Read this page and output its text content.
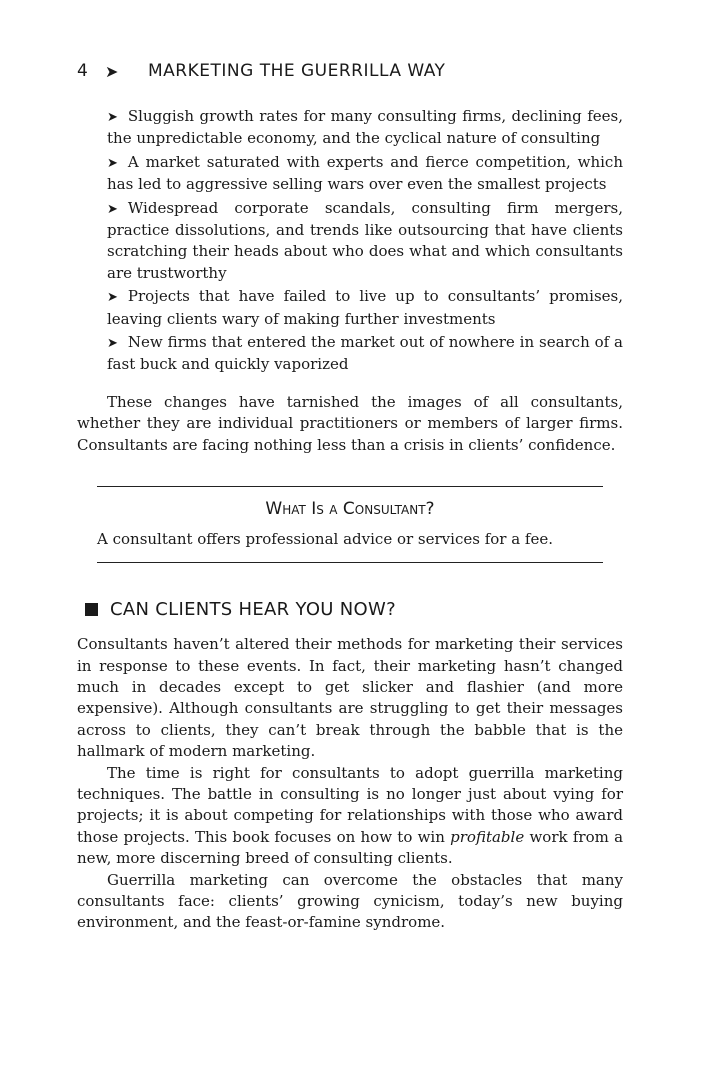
4	➤	MARKETING THE GUERRILLA WAY
➤ Sluggish growth rates for many consulting firms, declining fees, the unpredictable economy, and the cyclical nature of consulting
➤ A market saturated with experts and fierce competition, which has led to aggressive selling wars over even the smallest projects
➤ Widespread corporate scandals, consulting firm mergers, practice dissolutions, and trends like outsourcing that have clients scratching their heads about who does what and which consultants are trustworthy
➤ Projects that have failed to live up to consultants’ promises, leaving clients wary of making further investments
➤ New firms that entered the market out of nowhere in search of a fast buck and quickly vaporized

These changes have tarnished the images of all consultants, whether they are individual practitioners or members of larger firms. Consultants are facing nothing less than a crisis in clients’ confidence.

What Is a Consultant?
A consultant offers professional advice or services for a fee.
CAN CLIENTS HEAR YOU NOW?

Consultants haven’t altered their methods for marketing their services in response to these events. In fact, their marketing hasn’t changed much in decades except to get slicker and flashier (and more expensive). Although consultants are struggling to get their messages across to clients, they can’t break through the babble that is the hallmark of modern marketing.

The time is right for consultants to adopt guerrilla marketing techniques. The battle in consulting is no longer just about vying for projects; it is about competing for relationships with those who award those projects. This book focuses on how to win profitable work from a new, more discerning breed of consulting clients.

Guerrilla marketing can overcome the obstacles that many consultants face: clients’ growing cynicism, today’s new buying environment, and the feast-or-famine syndrome.
